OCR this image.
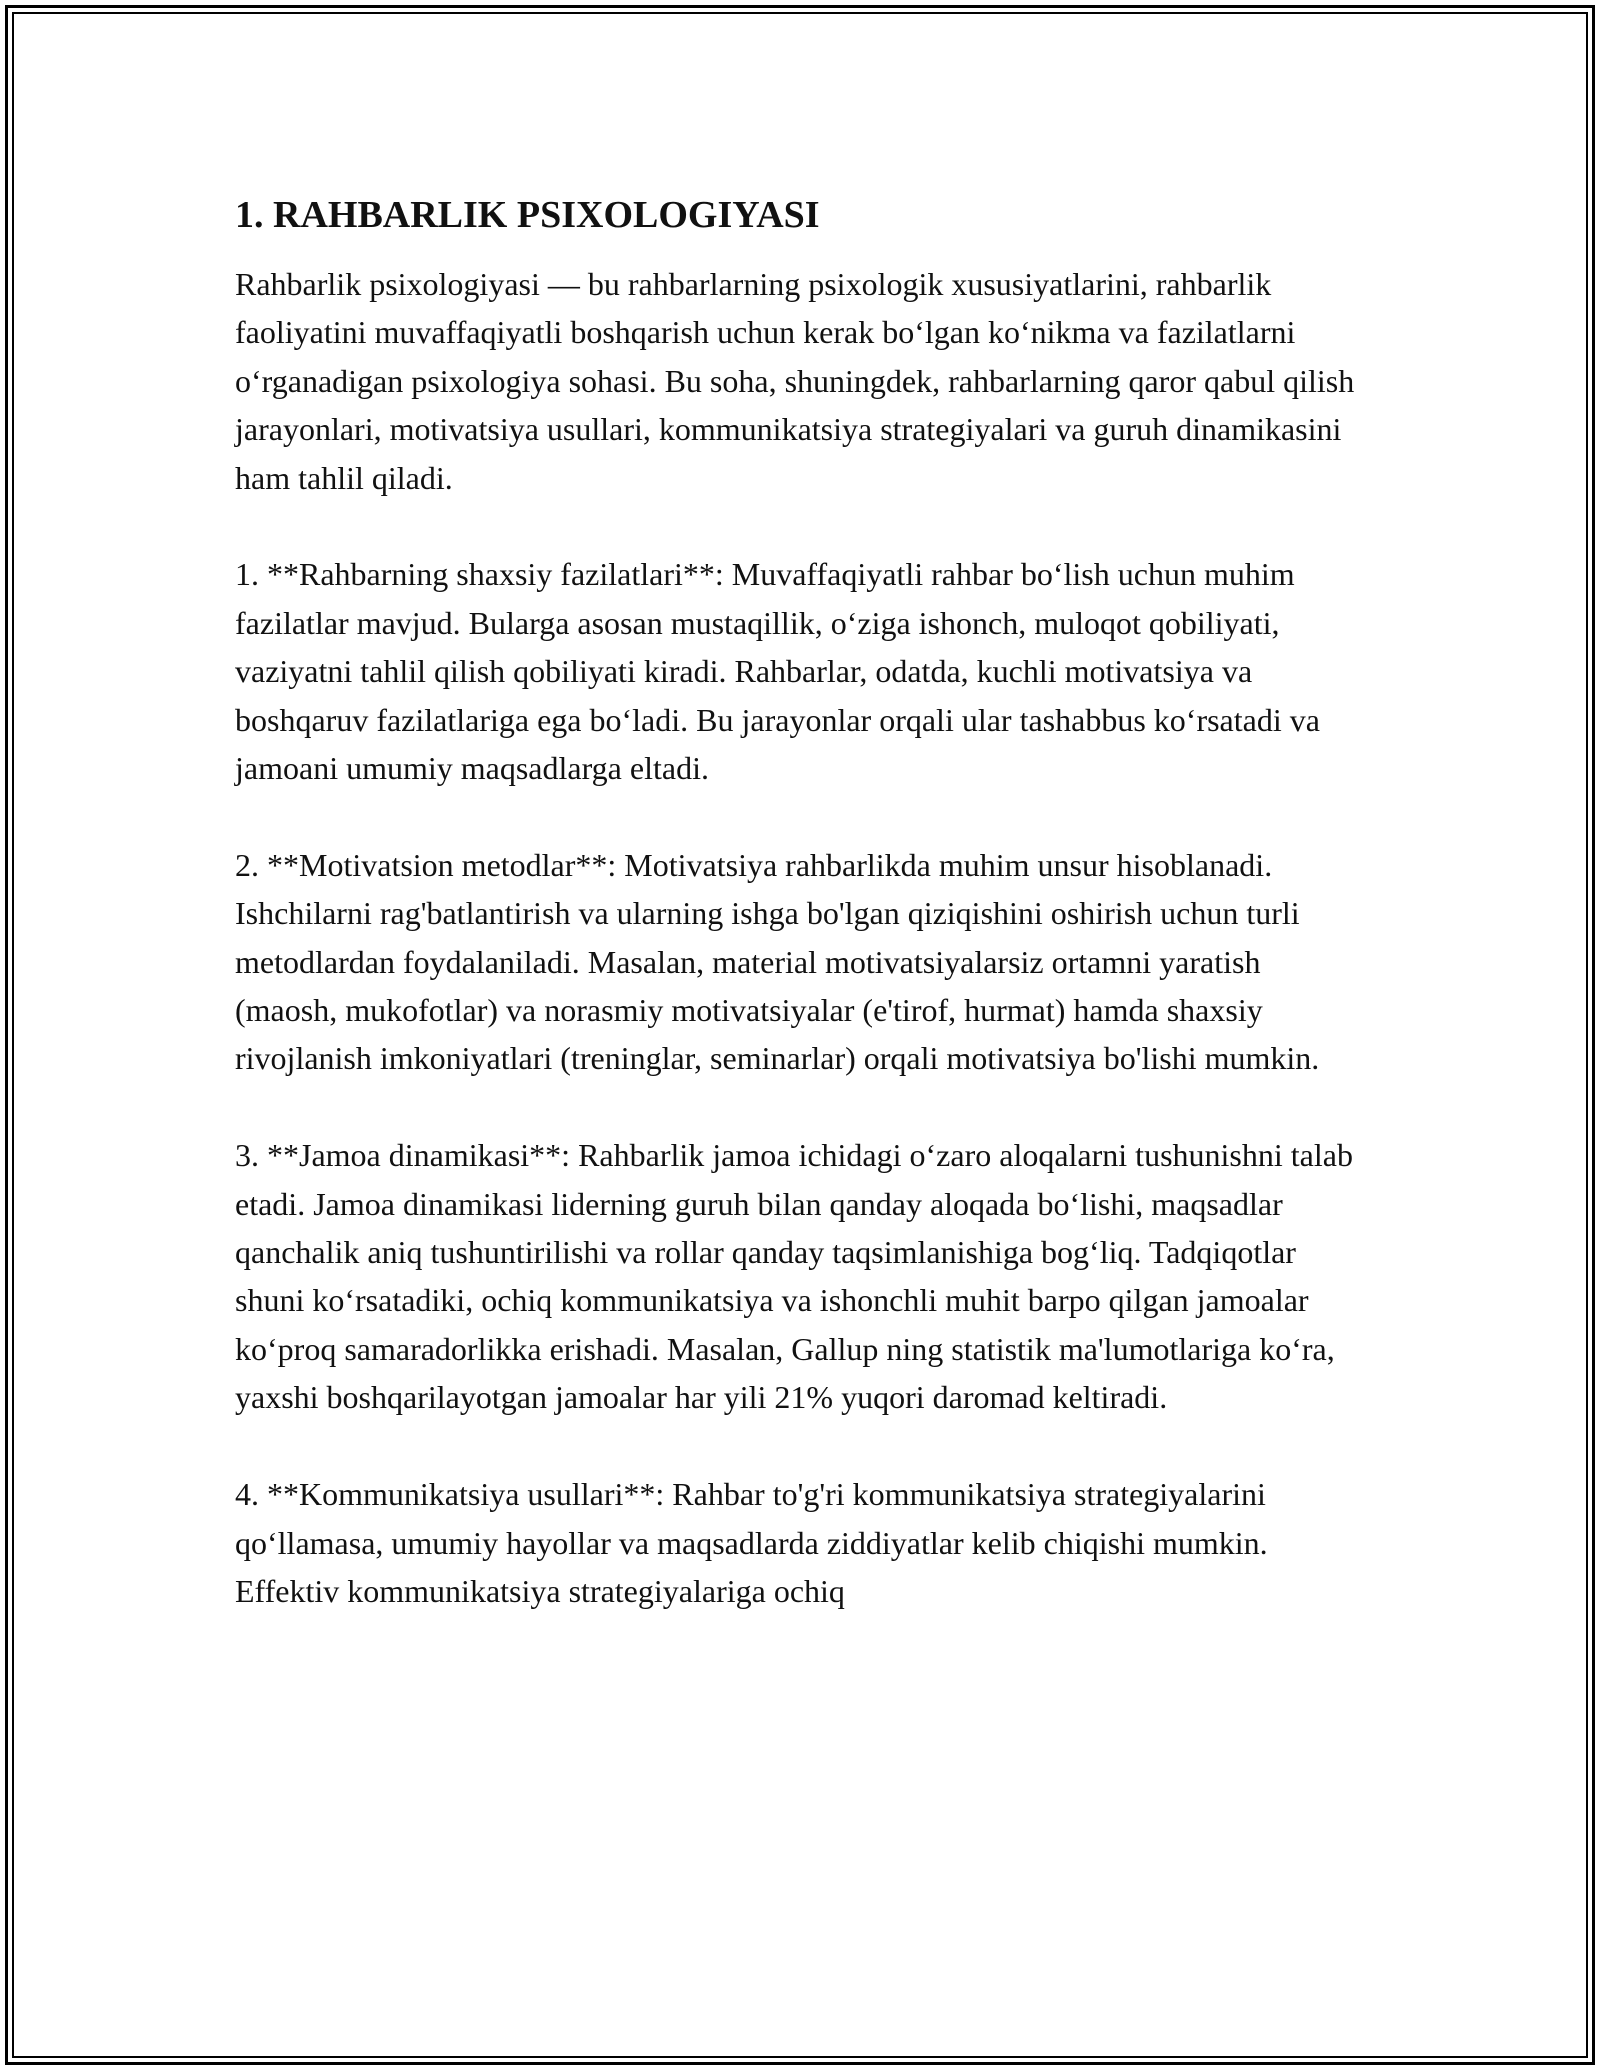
1. RAHBARLIK PSIXOLOGIYASI

Rahbarlik psixologiyasi — bu rahbarlarning psixologik xususiyatlarini, rahbarlik faoliyatini muvaffaqiyatli boshqarish uchun kerak boʻlgan koʻnikma va fazilatlarni oʻrganadigan psixologiya sohasi. Bu soha, shuningdek, rahbarlarning qaror qabul qilish jarayonlari, motivatsiya usullari, kommunikatsiya strategiyalari va guruh dinamikasini ham tahlil qiladi.

1. **Rahbarning shaxsiy fazilatlari**: Muvaffaqiyatli rahbar boʻlish uchun muhim fazilatlar mavjud. Bularga asosan mustaqillik, oʻziga ishonch, muloqot qobiliyati, vaziyatni tahlil qilish qobiliyati kiradi. Rahbarlar, odatda, kuchli motivatsiya va boshqaruv fazilatlariga ega boʻladi. Bu jarayonlar orqali ular tashabbus koʻrsatadi va jamoani umumiy maqsadlarga eltadi.

2. **Motivatsion metodlar**: Motivatsiya rahbarlikda muhim unsur hisoblanadi. Ishchilarni rag'batlantirish va ularning ishga bo'lgan qiziqishini oshirish uchun turli metodlardan foydalaniladi. Masalan, material motivatsiyalarsiz ortamni yaratish (maosh, mukofotlar) va norasmiy motivatsiyalar (e'tirof, hurmat) hamda shaxsiy rivojlanish imkoniyatlari (treninglar, seminarlar) orqali motivatsiya bo'lishi mumkin.

3. **Jamoa dinamikasi**: Rahbarlik jamoa ichidagi oʻzaro aloqalarni tushunishni talab etadi. Jamoa dinamikasi liderning guruh bilan qanday aloqada boʻlishi, maqsadlar qanchalik aniq tushuntirilishi va rollar qanday taqsimlanishiga bogʻliq. Tadqiqotlar shuni koʻrsatadiki, ochiq kommunikatsiya va ishonchli muhit barpo qilgan jamoalar koʻproq samaradorlikka erishadi. Masalan, Gallup ning statistik ma'lumotlariga koʻra, yaxshi boshqarilayotgan jamoalar har yili 21% yuqori daromad keltiradi.

4. **Kommunikatsiya usullari**: Rahbar to'g'ri kommunikatsiya strategiyalarini qoʻllamasa, umumiy hayollar va maqsadlarda ziddiyatlar kelib chiqishi mumkin. Effektiv kommunikatsiya strategiyalariga ochiq
